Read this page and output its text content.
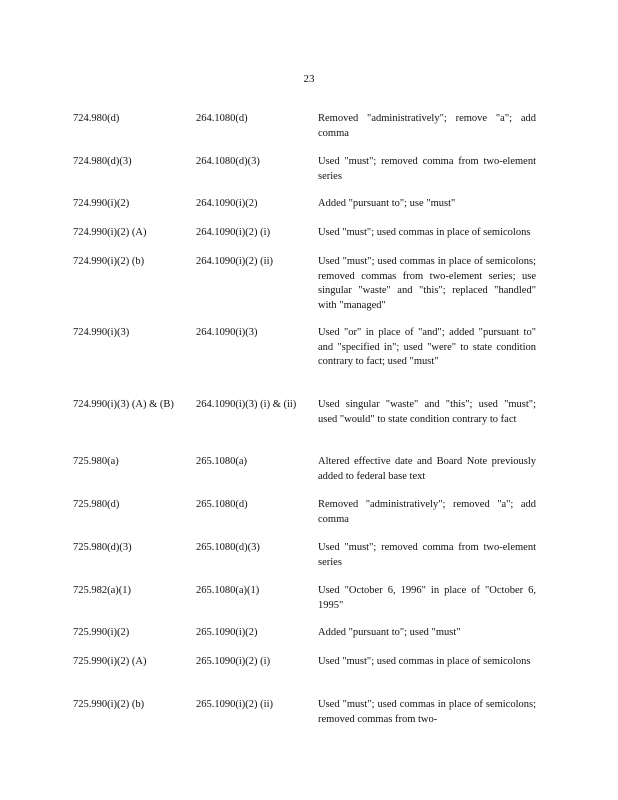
23
724.980(d)	264.1080(d)	Removed "administratively"; remove "a"; add comma
724.980(d)(3)	264.1080(d)(3)	Used "must"; removed comma from two-element series
724.990(i)(2)	264.1090(i)(2)	Added "pursuant to"; use "must"
724.990(i)(2) (A)	264.1090(i)(2) (i)	Used "must"; used commas in place of semicolons
724.990(i)(2) (b)	264.1090(i)(2) (ii)	Used "must"; used commas in place of semicolons; removed commas from two-element series; use singular "waste" and "this"; replaced "handled" with "managed"
724.990(i)(3)	264.1090(i)(3)	Used "or" in place of "and"; added "pursuant to" and "specified in"; used "were" to state condition contrary to fact; used "must"
724.990(i)(3) (A) & (B)	264.1090(i)(3) (i) & (ii)	Used singular "waste" and "this"; used "must"; used "would" to state condition contrary to fact
725.980(a)	265.1080(a)	Altered effective date and Board Note previously added to federal base text
725.980(d)	265.1080(d)	Removed "administratively"; removed "a"; add comma
725.980(d)(3)	265.1080(d)(3)	Used "must"; removed comma from two-element series
725.982(a)(1)	265.1080(a)(1)	Used "October 6, 1996" in place of "October 6, 1995"
725.990(i)(2)	265.1090(i)(2)	Added "pursuant to"; used "must"
725.990(i)(2) (A)	265.1090(i)(2) (i)	Used "must"; used commas in place of semicolons
725.990(i)(2) (b)	265.1090(i)(2) (ii)	Used "must"; used commas in place of semicolons; removed commas from two-
